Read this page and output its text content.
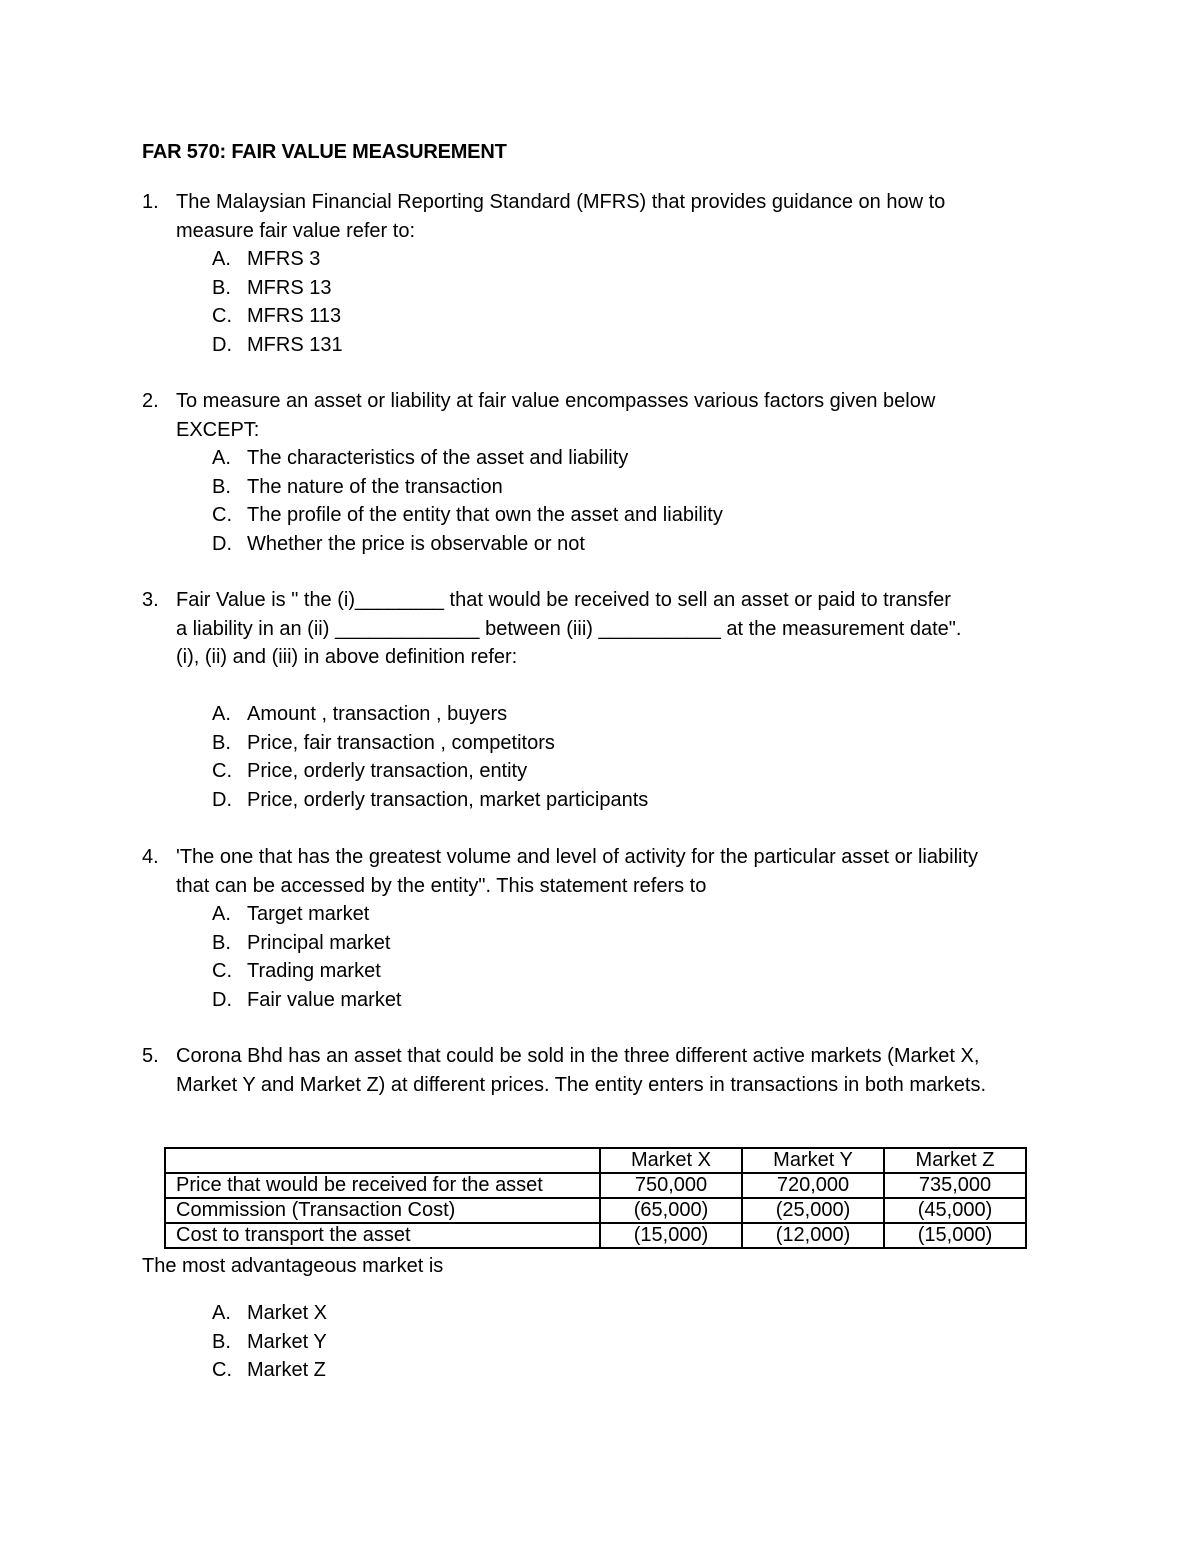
FAR 570: FAIR VALUE MEASUREMENT
1. The Malaysian Financial Reporting Standard (MFRS) that provides guidance on how to
measure fair value refer to:
A. MFRS 3
B. MFRS 13
C. MFRS 113
D. MFRS 131
2. To measure an asset or liability at fair value encompasses various factors given below
EXCEPT:
A. The characteristics of the asset and liability
B. The nature of the transaction
C. The profile of the entity that own the asset and liability
D. Whether the price is observable or not
3. Fair Value is " the (i)________ that would be received to sell an asset or paid to transfer
a liability in an (ii) _____________ between (iii) ___________ at the measurement date".
(i), (ii) and (iii) in above definition refer:
A. Amount , transaction , buyers
B. Price, fair transaction , competitors
C. Price, orderly transaction, entity
D. Price, orderly transaction, market participants
4. 'The one that has the greatest volume and level of activity for the particular asset or liability
that can be accessed by the entity". This statement refers to
A. Target market
B. Principal market
C. Trading market
D. Fair value market
5. Corona Bhd has an asset that could be sold in the three different active markets (Market X,
Market Y and Market Z) at different prices. The entity enters in transactions in both markets.
	Market X	Market Y	Market Z
Price that would be received for the asset	750,000	720,000	735,000
Commission (Transaction Cost)	(65,000)	(25,000)	(45,000)
Cost to transport the asset	(15,000)	(12,000)	(15,000)
The most advantageous market is
A. Market X
B. Market Y
C. Market Z
